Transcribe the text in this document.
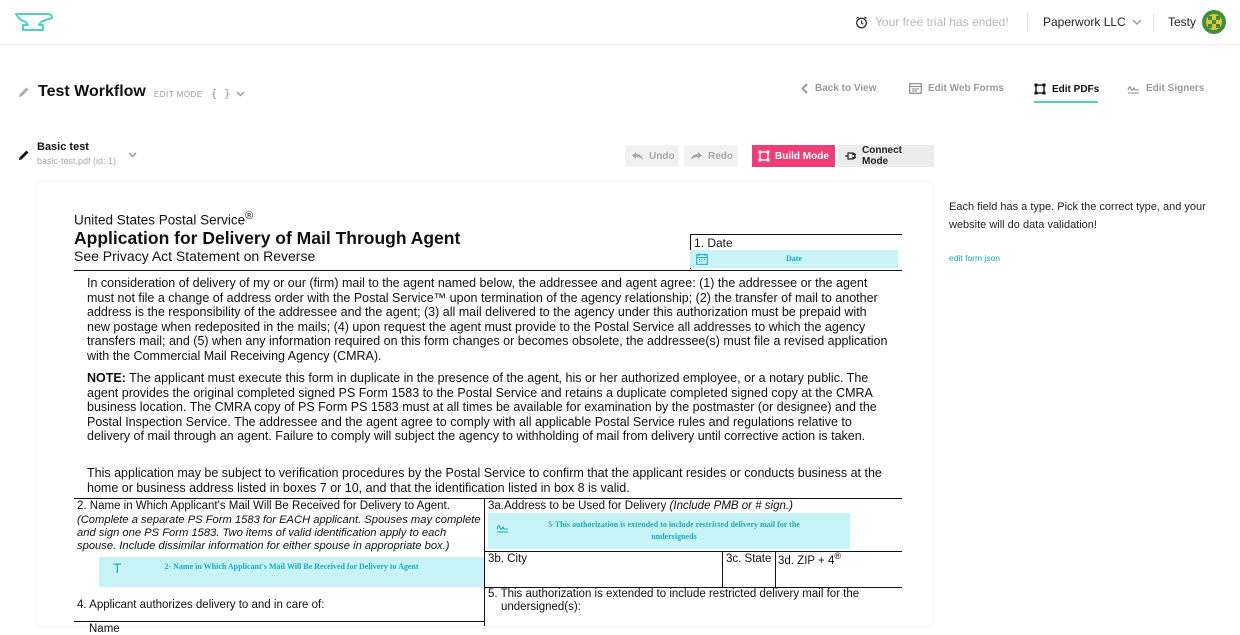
Your free trial has ended!	Paperwork LLC	Testy
Test Workflow EDIT MODE { }	Back to View	Edit Web Forms	Edit PDFs	Edit Signers
Basic test
basic-test.pdf (id: 1)	Undo	Redo	Build Mode	Connect Mode
United States Postal Service®
Application for Delivery of Mail Through Agent
See Privacy Act Statement on Reverse
1. Date
Date
In consideration of delivery of my or our (firm) mail to the agent named below, the addressee and agent agree: (1) the addressee or the agent must not file a change of address order with the Postal Service™ upon termination of the agency relationship; (2) the transfer of mail to another address is the responsibility of the addressee and the agent; (3) all mail delivered to the agency under this authorization must be prepaid with new postage when redeposited in the mails; (4) upon request the agent must provide to the Postal Service all addresses to which the agency transfers mail; and (5) when any information required on this form changes or becomes obsolete, the addressee(s) must file a revised application with the Commercial Mail Receiving Agency (CMRA).
NOTE: The applicant must execute this form in duplicate in the presence of the agent, his or her authorized employee, or a notary public. The agent provides the original completed signed PS Form 1583 to the Postal Service and retains a duplicate completed signed copy at the CMRA business location. The CMRA copy of PS Form PS 1583 must at all times be available for examination by the postmaster (or designee) and the Postal Inspection Service. The addressee and the agent agree to comply with all applicable Postal Service rules and regulations relative to delivery of mail through an agent. Failure to comply will subject the agency to withholding of mail from delivery until corrective action is taken.
This application may be subject to verification procedures by the Postal Service to confirm that the applicant resides or conducts business at the home or business address listed in boxes 7 or 10, and that the identification listed in box 8 is valid.
2. Name in Which Applicant's Mail Will Be Received for Delivery to Agent.
(Complete a separate PS Form 1583 for EACH applicant. Spouses may complete and sign one PS Form 1583. Two items of valid identification apply to each spouse. Include dissimilar information for either spouse in appropriate box.)
T	2- Name in Which Applicant's Mail Will Be Received for Delivery to Agent
3a.Address to be Used for Delivery (Include PMB or # sign.)
5-This authorization is extended to include restricted delivery mail for the undersigneds
3b. City	3c. State 3d. ZIP + 4®
5. This authorization is extended to include restricted delivery mail for the undersigned(s):
4. Applicant authorizes delivery to and in care of:
Name
Each field has a type. Pick the correct type, and your website will do data validation!
edit form json
